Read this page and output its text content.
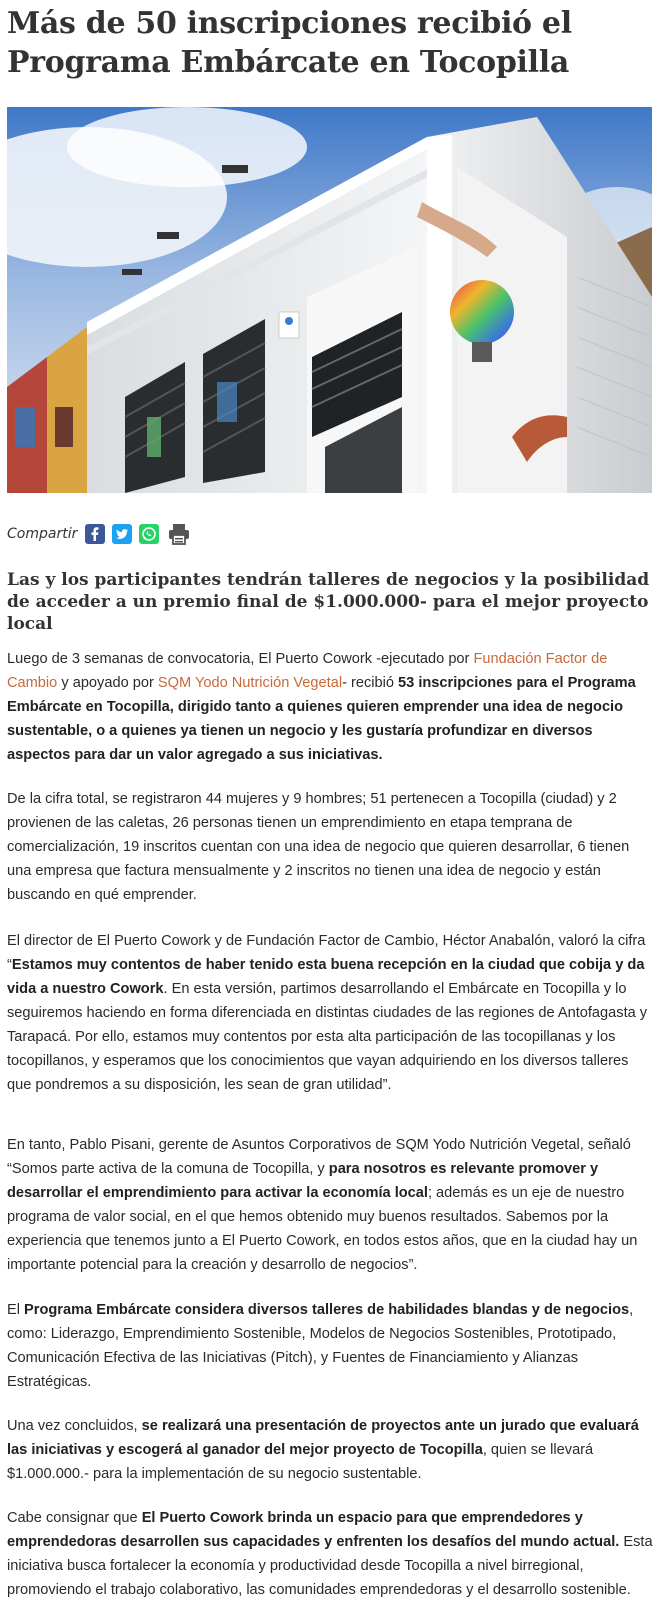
Más de 50 inscripciones recibió el
Programa Embárcate en Tocopilla
Compartir
Las y los participantes tendrán talleres de negocios y la posibilidad de acceder a un premio final de $1.000.000- para el mejor proyecto local

Luego de 3 semanas de convocatoria, El Puerto Cowork -ejecutado por Fundación Factor de Cambio y apoyado por SQM Yodo Nutrición Vegetal- recibió 53 inscripciones para el Programa Embárcate en Tocopilla, dirigido tanto a quienes quieren emprender una idea de negocio sustentable, o a quienes ya tienen un negocio y les gustaría profundizar en diversos aspectos para dar un valor agregado a sus iniciativas.

De la cifra total, se registraron 44 mujeres y 9 hombres; 51 pertenecen a Tocopilla (ciudad) y 2 provienen de las caletas, 26 personas tienen un emprendimiento en etapa temprana de comercialización, 19 inscritos cuentan con una idea de negocio que quieren desarrollar, 6 tienen una empresa que factura mensualmente y 2 inscritos no tienen una idea de negocio y están buscando en qué emprender.

El director de El Puerto Cowork y de Fundación Factor de Cambio, Héctor Anabalón, valoró la cifra “Estamos muy contentos de haber tenido esta buena recepción en la ciudad que cobija y da vida a nuestro Cowork. En esta versión, partimos desarrollando el Embárcate en Tocopilla y lo seguiremos haciendo en forma diferenciada en distintas ciudades de las regiones de Antofagasta y Tarapacá. Por ello, estamos muy contentos por esta alta participación de las tocopillanas y los tocopillanos, y esperamos que los conocimientos que vayan adquiriendo en los diversos talleres que pondremos a su disposición, les sean de gran utilidad”.

En tanto, Pablo Pisani, gerente de Asuntos Corporativos de SQM Yodo Nutrición Vegetal, señaló “Somos parte activa de la comuna de Tocopilla, y para nosotros es relevante promover y desarrollar el emprendimiento para activar la economía local; además es un eje de nuestro programa de valor social, en el que hemos obtenido muy buenos resultados. Sabemos por la experiencia que tenemos junto a El Puerto Cowork, en todos estos años, que en la ciudad hay un importante potencial para la creación y desarrollo de negocios”.

El Programa Embárcate considera diversos talleres de habilidades blandas y de negocios, como: Liderazgo, Emprendimiento Sostenible, Modelos de Negocios Sostenibles, Prototipado, Comunicación Efectiva de las Iniciativas (Pitch), y Fuentes de Financiamiento y Alianzas Estratégicas.

Una vez concluidos, se realizará una presentación de proyectos ante un jurado que evaluará las iniciativas y escogerá al ganador del mejor proyecto de Tocopilla, quien se llevará $1.000.000.- para la implementación de su negocio sustentable.

Cabe consignar que El Puerto Cowork brinda un espacio para que emprendedores y emprendedoras desarrollen sus capacidades y enfrenten los desafíos del mundo actual. Esta iniciativa busca fortalecer la economía y productividad desde Tocopilla a nivel birregional, promoviendo el trabajo colaborativo, las comunidades emprendedoras y el desarrollo sostenible.
